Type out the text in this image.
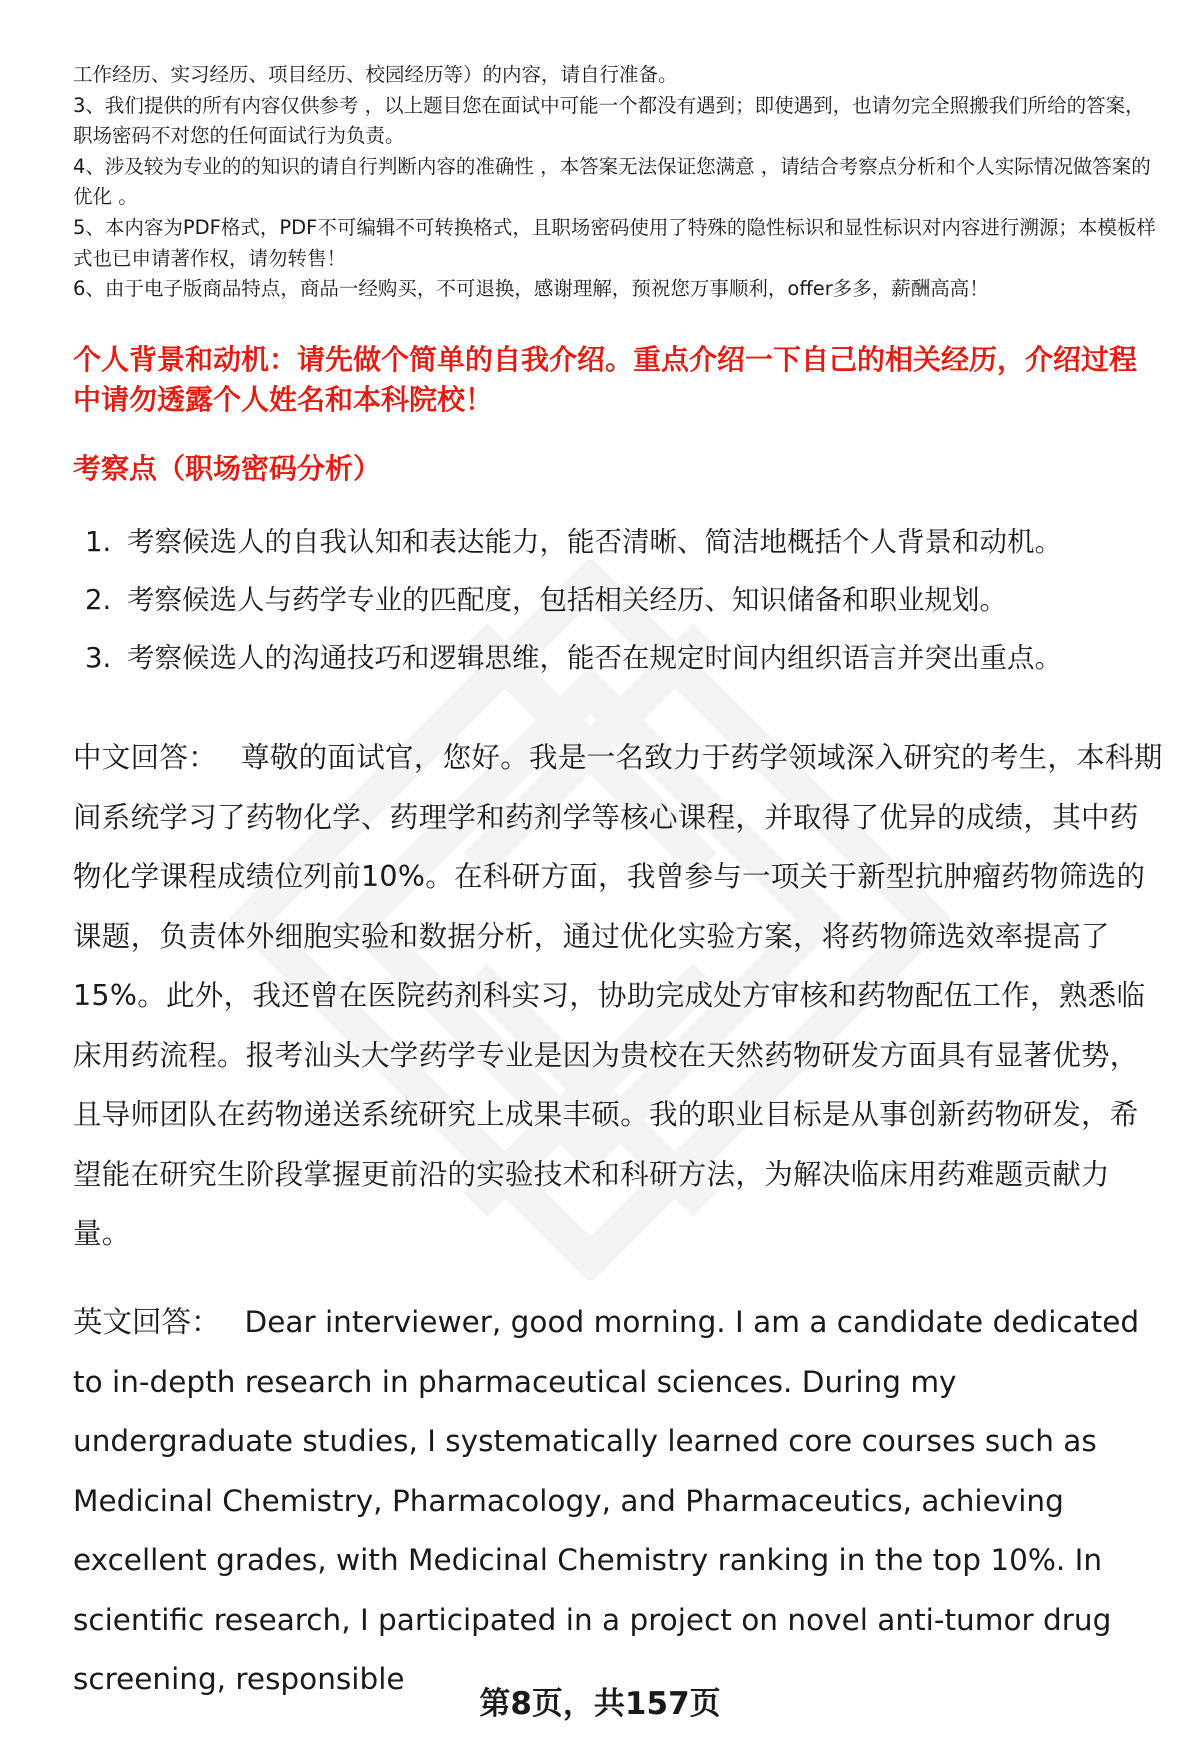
工作经历、实习经历、项目经历、校园经历等）的内容，请自行准备。

3、我们提供的所有内容仅供参考 ，以上题目您在面试中可能一个都没有遇到；即使遇到，也请勿完全照搬我们所给的答案，职场密码不对您的任何面试行为负责。

4、涉及较为专业的的知识的请自行判断内容的准确性 ，本答案无法保证您满意 ，请结合考察点分析和个人实际情况做答案的优化 。

5、本内容为PDF格式，PDF不可编辑不可转换格式，且职场密码使用了特殊的隐性标识和显性标识对内容进行溯源；本模板样式也已申请著作权，请勿转售！

6、由于电子版商品特点，商品一经购买，不可退换，感谢理解，预祝您万事顺利，offer多多，薪酬高高！

个人背景和动机：请先做个简单的自我介绍。重点介绍一下自己的相关经历，介绍过程中请勿透露个人姓名和本科院校！
考察点（职场密码分析）
1. 考察候选人的自我认知和表达能力，能否清晰、简洁地概括个人背景和动机。
2. 考察候选人与药学专业的匹配度，包括相关经历、知识储备和职业规划。
3. 考察候选人的沟通技巧和逻辑思维，能否在规定时间内组织语言并突出重点。
中文回答： 尊敬的面试官，您好。我是一名致力于药学领域深入研究的考生，本科期间系统学习了药物化学、药理学和药剂学等核心课程，并取得了优异的成绩，其中药物化学课程成绩位列前10%。在科研方面，我曾参与一项关于新型抗肿瘤药物筛选的课题，负责体外细胞实验和数据分析，通过优化实验方案，将药物筛选效率提高了15%。此外，我还曾在医院药剂科实习，协助完成处方审核和药物配伍工作，熟悉临床用药流程。报考汕头大学药学专业是因为贵校在天然药物研发方面具有显著优势，且导师团队在药物递送系统研究上成果丰硕。我的职业目标是从事创新药物研发，希望能在研究生阶段掌握更前沿的实验技术和科研方法，为解决临床用药难题贡献力量。
英文回答： Dear interviewer, good morning. I am a candidate dedicated to in-depth research in pharmaceutical sciences. During my undergraduate studies, I systematically learned core courses such as Medicinal Chemistry, Pharmacology, and Pharmaceutics, achieving excellent grades, with Medicinal Chemistry ranking in the top 10%. In scientific research, I participated in a project on novel anti-tumor drug screening, responsible
第8页，共157页
